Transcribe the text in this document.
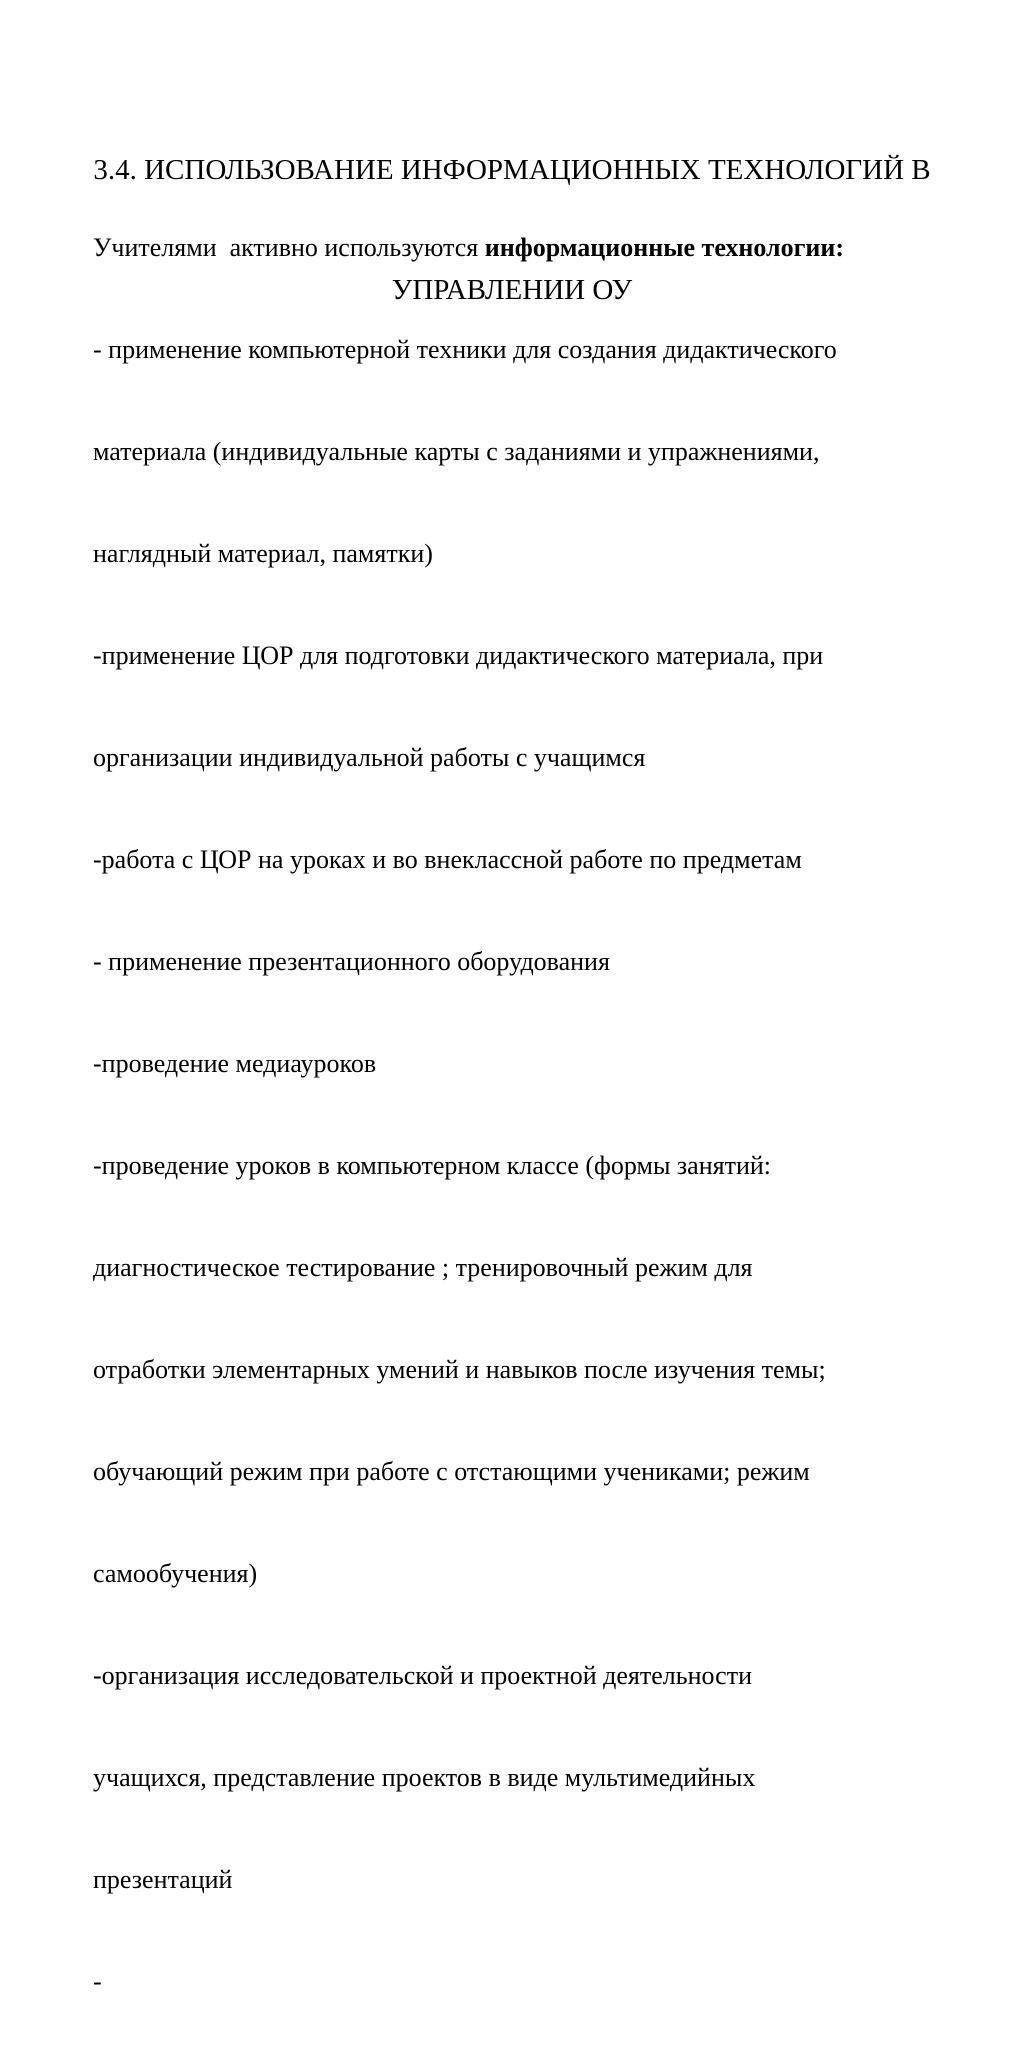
3.4. ИСПОЛЬЗОВАНИЕ ИНФОРМАЦИОННЫХ ТЕХНОЛОГИЙ В

УПРАВЛЕНИИ ОУ

Учителями  активно используются информационные технологии:

- применение компьютерной техники для создания дидактического

материала (индивидуальные карты с заданиями и упражнениями,

наглядный материал, памятки)

-применение ЦОР для подготовки дидактического материала, при

организации индивидуальной работы с учащимся

-работа с ЦОР на уроках и во внеклассной работе по предметам

- применение презентационного оборудования

-проведение медиауроков

-проведение уроков в компьютерном классе (формы занятий:

диагностическое тестирование ; тренировочный режим для

отработки элементарных умений и навыков после изучения темы;

обучающий режим при работе с отстающими учениками; режим

самообучения)

-организация исследовательской и проектной деятельности

учащихся, представление проектов в виде мультимедийных

презентаций

-
